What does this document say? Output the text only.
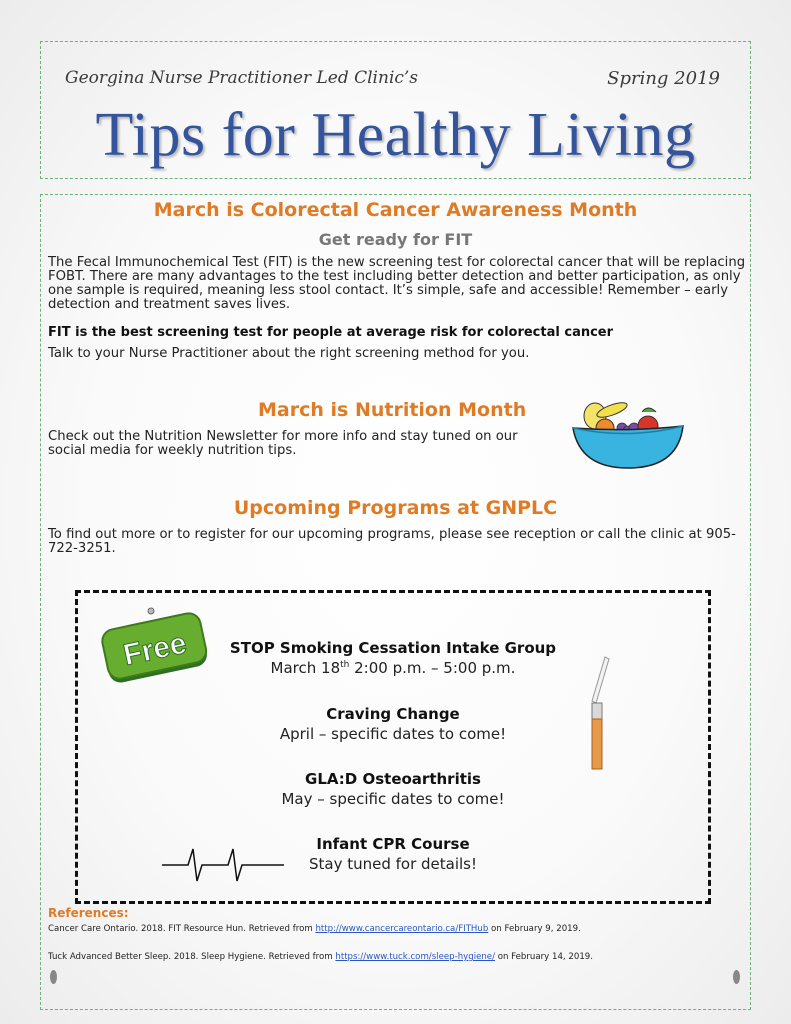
Georgina Nurse Practitioner Led Clinic’s	Spring 2019
Tips for Healthy Living
March is Colorectal Cancer Awareness Month
Get ready for FIT
The Fecal Immunochemical Test (FIT) is the new screening test for colorectal cancer that will be replacing FOBT. There are many advantages to the test including better detection and better participation, as only one sample is required, meaning less stool contact. It’s simple, safe and accessible! Remember – early detection and treatment saves lives.
FIT is the best screening test for people at average risk for colorectal cancer
Talk to your Nurse Practitioner about the right screening method for you.
March is Nutrition Month
Check out the Nutrition Newsletter for more info and stay tuned on our social media for weekly nutrition tips.
Upcoming Programs at GNPLC
To find out more or to register for our upcoming programs, please see reception or call the clinic at 905-722-3251.
Free	STOP Smoking Cessation Intake Group
March 18th 2:00 p.m. – 5:00 p.m.
Craving Change
April – specific dates to come!
GLA:D Osteoarthritis
May – specific dates to come!
Infant CPR Course
Stay tuned for details!
References:
Cancer Care Ontario. 2018. FIT Resource Hun. Retrieved from http://www.cancercareontario.ca/FITHub on February 9, 2019.
Tuck Advanced Better Sleep. 2018. Sleep Hygiene. Retrieved from https://www.tuck.com/sleep-hygiene/ on February 14, 2019.
